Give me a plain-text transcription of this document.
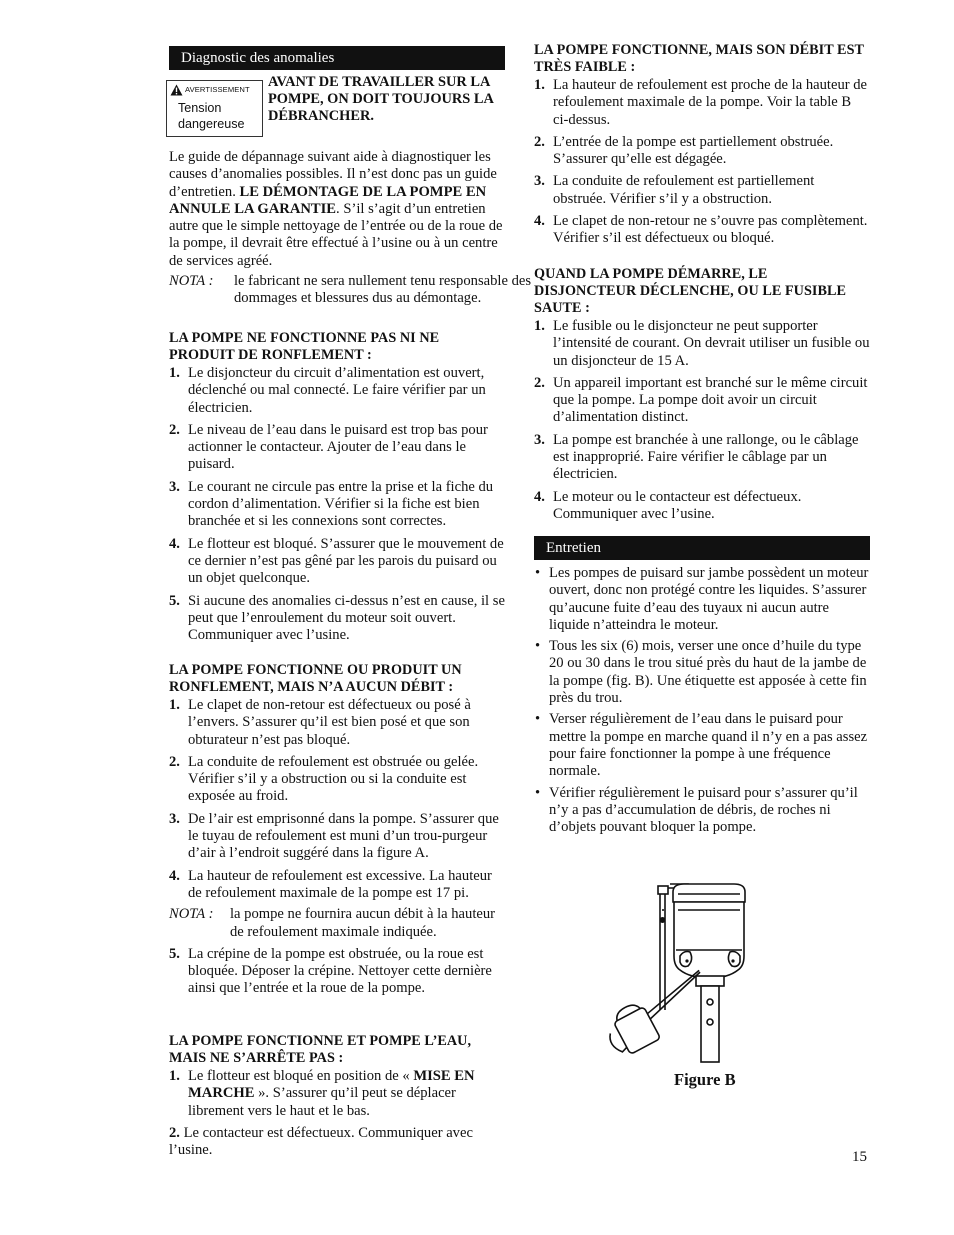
Diagnostic des anomalies
AVERTISSEMENT
Tension dangereuse
AVANT DE TRAVAILLER SUR LA POMPE, ON DOIT TOUJOURS LA DÉBRANCHER.

Le guide de dépannage suivant aide à diagnostiquer les causes d’anomalies possibles. Il n’est donc pas un guide d’entretien. LE DÉMONTAGE DE LA POMPE EN ANNULE LA GARANTIE. S’il s’agit d’un entretien autre que le simple nettoyage de l’entrée ou de la roue de la pompe, il devrait être effectué à l’usine ou à un centre de services agréé.

NOTA : le fabricant ne sera nullement tenu responsable des dommages et blessures dus au démontage.

LA POMPE NE FONCTIONNE PAS NI NE PRODUIT DE RONFLEMENT :

1. Le disjoncteur du circuit d’alimentation est ouvert, déclenché ou mal connecté. Le faire vérifier par un électricien.
2. Le niveau de l’eau dans le puisard est trop bas pour actionner le contacteur. Ajouter de l’eau dans le puisard.
3. Le courant ne circule pas entre la prise et la fiche du cordon d’alimentation. Vérifier si la fiche est bien branchée et si les connexions sont correctes.
4. Le flotteur est bloqué. S’assurer que le mouvement de ce dernier n’est pas gêné par les parois du puisard ou un objet quelconque.
5. Si aucune des anomalies ci-dessus n’est en cause, il se peut que l’enroulement du moteur soit ouvert. Communiquer avec l’usine.

LA POMPE FONCTIONNE OU PRODUIT UN RONFLEMENT, MAIS N’A AUCUN DÉBIT :

1. Le clapet de non-retour est défectueux ou posé à l’envers. S’assurer qu’il est bien posé et que son obturateur n’est pas bloqué.
2. La conduite de refoulement est obstruée ou gelée. Vérifier s’il y a obstruction ou si la conduite est exposée au froid.
3. De l’air est emprisonné dans la pompe. S’assurer que le tuyau de refoulement est muni d’un trou-purgeur d’air à l’endroit suggéré dans la figure A.
4. La hauteur de refoulement est excessive. La hauteur de refoulement maximale de la pompe est 17 pi.
NOTA : la pompe ne fournira aucun débit à la hauteur de refoulement maximale indiquée.
5. La crépine de la pompe est obstruée, ou la roue est bloquée. Déposer la crépine. Nettoyer cette dernière ainsi que l’entrée et la roue de la pompe.

LA POMPE FONCTIONNE ET POMPE L’EAU, MAIS NE S’ARRÊTE PAS :

1. Le flotteur est bloqué en position de « MISE EN MARCHE ». S’assurer qu’il peut se déplacer librement vers le haut et le bas.
2. Le contacteur est défectueux. Communiquer avec l’usine.

LA POMPE FONCTIONNE, MAIS SON DÉBIT EST TRÈS FAIBLE :

1. La hauteur de refoulement est proche de la hauteur de refoulement maximale de la pompe. Voir la table B ci-dessus.
2. L’entrée de la pompe est partiellement obstruée. S’assurer qu’elle est dégagée.
3. La conduite de refoulement est partiellement obstruée. Vérifier s’il y a obstruction.
4. Le clapet de non-retour ne s’ouvre pas complètement. Vérifier s’il est défectueux ou bloqué.

QUAND LA POMPE DÉMARRE, LE DISJONCTEUR DÉCLENCHE, OU LE FUSIBLE SAUTE :

1. Le fusible ou le disjoncteur ne peut supporter l’intensité de courant. On devrait utiliser un fusible ou un disjoncteur de 15 A.
2. Un appareil important est branché sur le même circuit que la pompe. La pompe doit avoir un circuit d’alimentation distinct.
3. La pompe est branchée à une rallonge, ou le câblage est inapproprié. Faire vérifier le câblage par un électricien.
4. Le moteur ou le contacteur est défectueux. Communiquer avec l’usine.
Entretien
• Les pompes de puisard sur jambe possèdent un moteur ouvert, donc non protégé contre les liquides. S’assurer qu’aucune fuite d’eau des tuyaux ni aucun autre liquide n’atteindra le moteur.
• Tous les six (6) mois, verser une once d’huile du type 20 ou 30 dans le trou situé près du haut de la jambe de la pompe (fig. B). Une étiquette est apposée à cette fin près du trou.
• Verser régulièrement de l’eau dans le puisard pour mettre la pompe en marche quand il n’y en a pas assez pour faire fonctionner la pompe à une fréquence normale.
• Vérifier régulièrement le puisard pour s’assurer qu’il n’y a pas d’accumulation de débris, de roches ni d’objets pouvant bloquer la pompe.
Figure B
15
